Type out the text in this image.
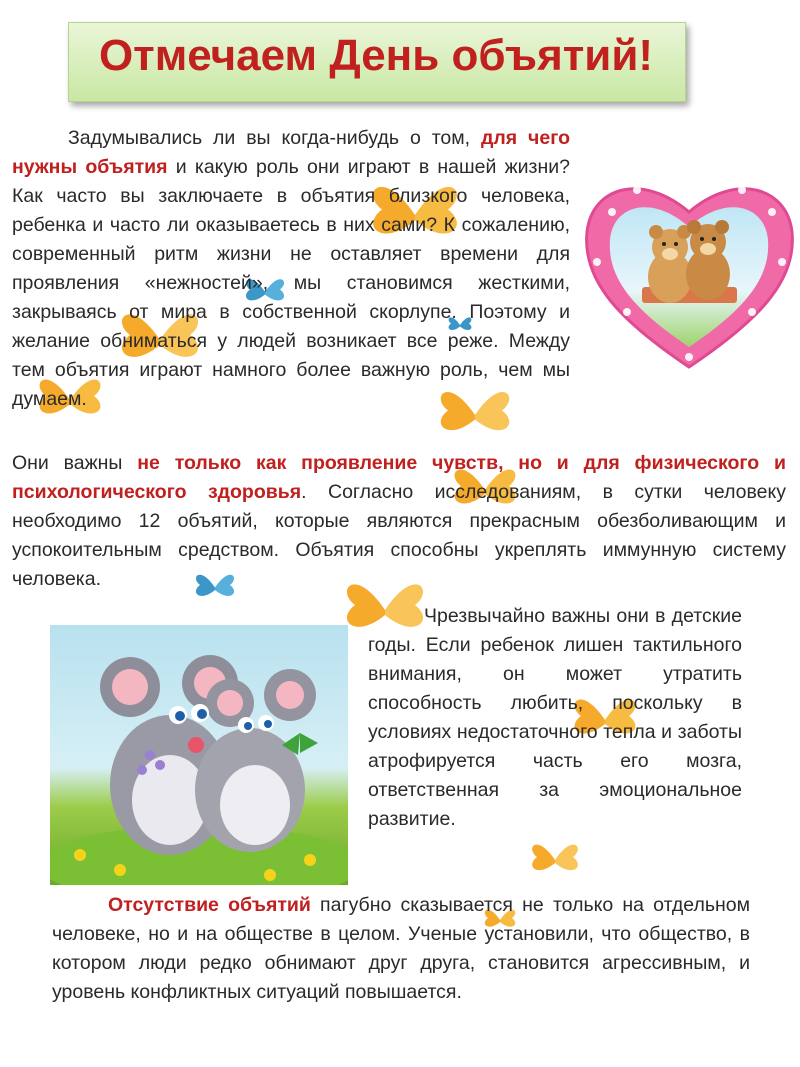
Отмечаем День объятий!
Задумывались ли вы когда-нибудь о том, для чего нужны объятия и какую роль они играют в нашей жизни? Как часто вы заключаете в объятия близкого человека, ребенка и часто ли оказываетесь в них сами? К сожалению, современный ритм жизни не оставляет времени для проявления «нежностей», мы становимся жесткими, закрываясь от мира в собственной скорлупе. Поэтому и желание обниматься у людей возникает все реже. Между тем объятия играют намного более важную роль, чем мы думаем.
Они важны не только как проявление чувств, но и для физического и психологического здоровья. Согласно исследованиям, в сутки человеку необходимо 12 объятий, которые являются прекрасным обезболивающим и успокоительным средством. Объятия способны укреплять иммунную систему человека.
Чрезвычайно важны они в детские годы. Если ребенок лишен тактильного внимания, он может утратить способность любить, поскольку в условиях недостаточного тепла и заботы атрофируется часть его мозга, ответственная за эмоциональное развитие.
Отсутствие объятий пагубно сказывается не только на отдельном человеке, но и на обществе в целом. Ученые установили, что общество, в котором люди редко обнимают друг друга, становится агрессивным, и уровень конфликтных ситуаций повышается.
